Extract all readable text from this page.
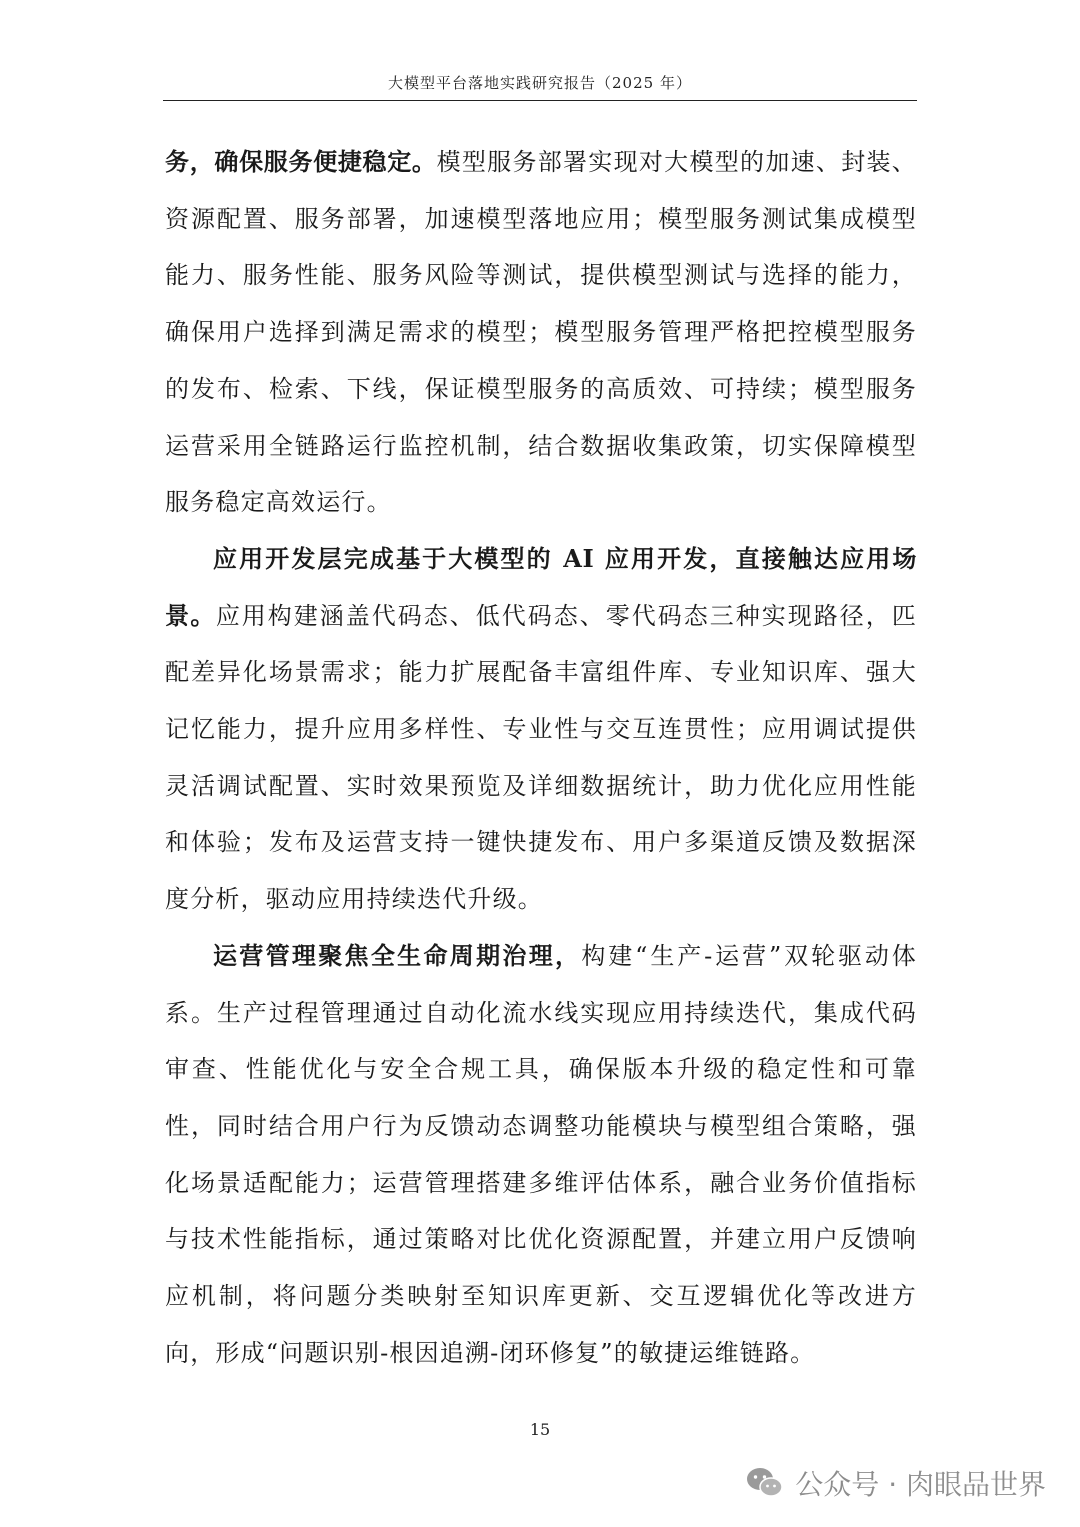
大模型平台落地实践研究报告（2025 年）

务，确保服务便捷稳定。模型服务部署实现对大模型的加速、封装、资源配置、服务部署，加速模型落地应用；模型服务测试集成模型能力、服务性能、服务风险等测试，提供模型测试与选择的能力，确保用户选择到满足需求的模型；模型服务管理严格把控模型服务的发布、检索、下线，保证模型服务的高质效、可持续；模型服务运营采用全链路运行监控机制，结合数据收集政策，切实保障模型服务稳定高效运行。

应用开发层完成基于大模型的 AI 应用开发，直接触达应用场景。应用构建涵盖代码态、低代码态、零代码态三种实现路径，匹配差异化场景需求；能力扩展配备丰富组件库、专业知识库、强大记忆能力，提升应用多样性、专业性与交互连贯性；应用调试提供灵活调试配置、实时效果预览及详细数据统计，助力优化应用性能和体验；发布及运营支持一键快捷发布、用户多渠道反馈及数据深度分析，驱动应用持续迭代升级。

运营管理聚焦全生命周期治理，构建“生产-运营”双轮驱动体系。生产过程管理通过自动化流水线实现应用持续迭代，集成代码审查、性能优化与安全合规工具，确保版本升级的稳定性和可靠性，同时结合用户行为反馈动态调整功能模块与模型组合策略，强化场景适配能力；运营管理搭建多维评估体系，融合业务价值指标与技术性能指标，通过策略对比优化资源配置，并建立用户反馈响应机制，将问题分类映射至知识库更新、交互逻辑优化等改进方向，形成“问题识别-根因追溯-闭环修复”的敏捷运维链路。

15
公众号 · 肉眼品世界
